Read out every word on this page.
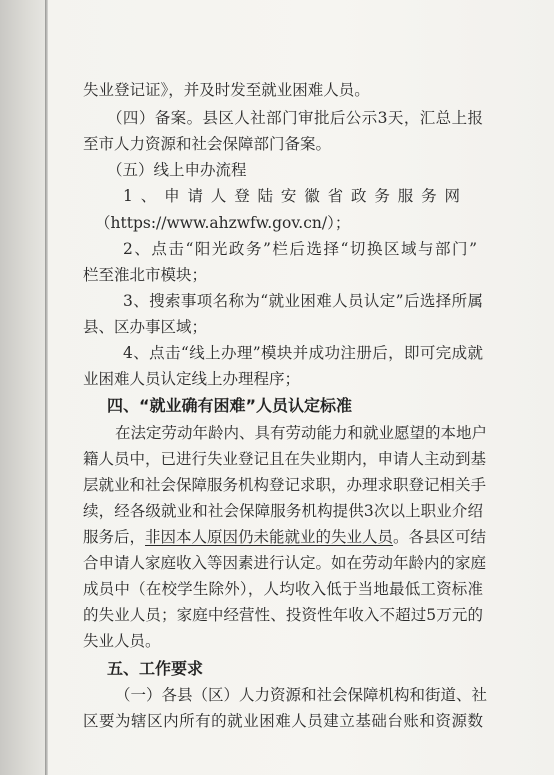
失业登记证》，并及时发至就业困难人员。
（四）备案。县区人社部门审批后公示3天，汇总上报
至市人力资源和社会保障部门备案。
（五）线上申办流程
1、申请人登陆安徽省政务服务网
（https://www.ahzwfw.gov.cn/）；
2、点击“阳光政务”栏后选择“切换区域与部门”
栏至淮北市模块；
3、搜索事项名称为“就业困难人员认定”后选择所属
县、区办事区域；
4、点击“线上办理”模块并成功注册后，即可完成就
业困难人员认定线上办理程序；
四、“就业确有困难”人员认定标准
在法定劳动年龄内、具有劳动能力和就业愿望的本地户
籍人员中，已进行失业登记且在失业期内，申请人主动到基
层就业和社会保障服务机构登记求职，办理求职登记相关手
续，经各级就业和社会保障服务机构提供3次以上职业介绍
服务后，非因本人原因仍未能就业的失业人员。各县区可结
合申请人家庭收入等因素进行认定。如在劳动年龄内的家庭
成员中（在校学生除外），人均收入低于当地最低工资标准
的失业人员；家庭中经营性、投资性年收入不超过5万元的
失业人员。
五、工作要求
（一）各县（区）人力资源和社会保障机构和街道、社
区要为辖区内所有的就业困难人员建立基础台账和资源数
